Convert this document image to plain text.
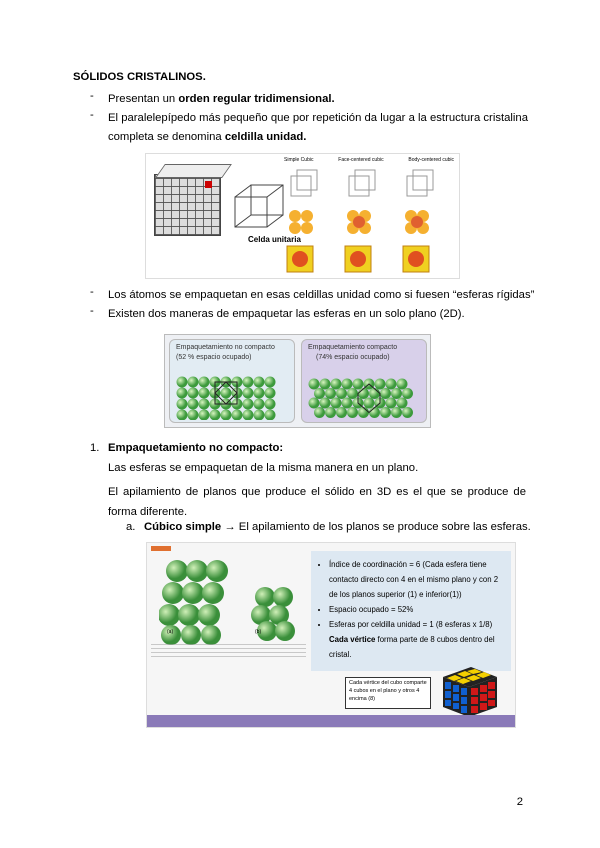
SÓLIDOS CRISTALINOS.
- Presentan un orden regular tridimensional.
- El paralelepípedo más pequeño que por repetición da lugar a la estructura cristalina completa se denomina celdilla unidad.
Celda unitaria
Simple Cubic	Face-centered cubic	Body-centered cubic
- Los átomos se empaquetan en esas celdillas unidad como si fuesen “esferas rígidas”
- Existen dos maneras de empaquetar las esferas en un solo plano (2D).
Empaquetamiento no compacto
(52 % espacio ocupado)
Empaquetamiento compacto
(74% espacio ocupado)
1. Empaquetamiento no compacto:
Las esferas se empaquetan de la misma manera en un plano.
El apilamiento de planos que produce el sólido en 3D es el que se produce de forma diferente.
a. Cúbico simple → El apilamiento de los planos se produce sobre las esferas.
(a)	(b)
• Índice de coordinación = 6 (Cada esfera tiene contacto directo con 4 en el mismo plano y con 2 de los planos superior (1) e inferior(1))
• Espacio ocupado = 52%
• Esferas por celdilla unidad = 1 (8 esferas x 1/8)
Cada vértice forma parte de 8 cubos dentro del cristal.
Cada vértice del cubo comparte 4 cubos en el plano y otros 4 encima (8)
2
